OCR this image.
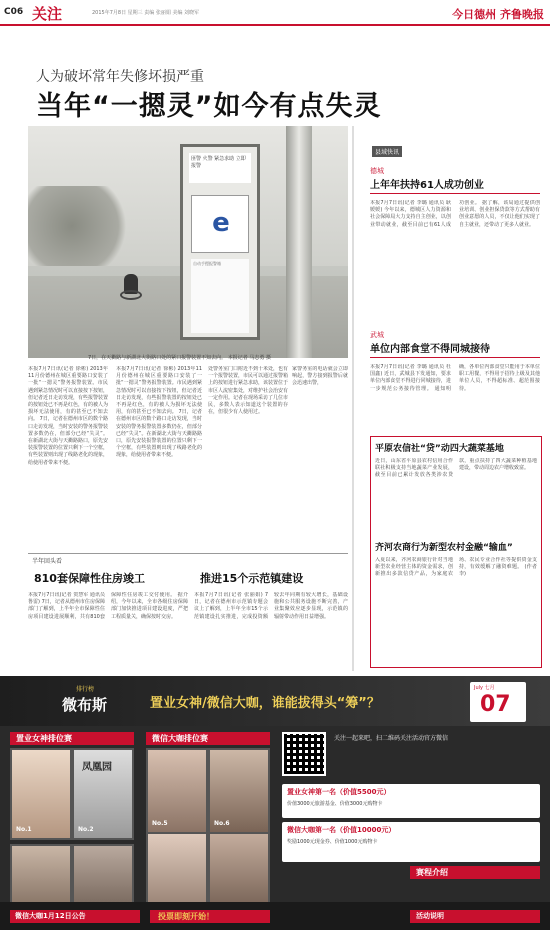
C06 关注	2015年7月8日 星期三 责编 张丽娟 美编 刘晓军	今日德州 齐鲁晚报
人为破坏常年失修坏损严重
当年“一摁灵”如今有点失灵
匪警 火警 紧急求助 立即报警
e
自动手摁报警箱
7日，在天衢路与新湖北大街路口处的紧口报警装置不知去向。 本报记者 马志勇 摄
本报7月7日讯(记者 徐彬) 2013年11月份德州在城区重要路口安装了一批“一摁灵”警务报警装置。市民遇到紧急情况时可以直接按下按钮，但记者近日走访发现，有些报警装置的按钮处已不再是红色，有的被人为损坏无法使用，有的甚至已不知去向。 7日，记者在德州市区的数个路口走访发现，当时安装的警务报警装置多数仍在，但部分已经“失灵”。在新湖北大街与天衢路路口，原先安装报警装置的位置只剩下一个空框，有些装置则出现了线路老化的现象，给使用者带来不便。
本报7月7日讯(记者 徐彬) 2013年11月份德州在城区重要路口安装了一批“一摁灵”警务报警装置。市民遇到紧急情况时可以直接按下按钮，但记者近日走访发现，有些报警装置的按钮处已不再是红色，有的被人为损坏无法使用，有的甚至已不知去向。 7日，记者在德州市区的数个路口走访发现，当时安装的警务报警装置多数仍在，但部分已经“失灵”。在新湖北大街与天衢路路口，原先安装报警装置的位置只剩下一个空框，有些装置则出现了线路老化的现象，给使用者带来不便。
处警务室门口附近不到十米处，也有一个报警装置，市民可以通过报警箱上的按钮进行紧急求助，该装置位于市区人流密集处，对维护社会治安有一定作用。记者在现场采访了几位市民，多数人表示知道这个装置的存在，但很少有人使用过。
家警务室的电话就会立即响起，警方接到报警后就会迅速出警，
县域快讯
德城
上年年扶持61人成功创业
本报7月7日讯(记者 李璐 通讯员 耿媛媛) 今年以来，德城区人力资源和社会保障局大力支持自主创业，以创业带动就业，截至目前已有61人成功创业。 据了解，该局通过提供创业培训、创业担保贷款等方式帮助有创业意愿的人员，不仅让他们实现了自主就业，还带动了更多人就业。
武城
单位内部食堂不得同城接待
本报7月7日讯(记者 李璐 通讯员 杜国鑫) 近日，武城县下发通知，要求单位内部食堂不得进行同城接待，进一步规范公务接待管理。 通知明确，各单位内部食堂只能用于本单位职工用餐，不得用于招待上级及其他单位人员，不得超标准、超范围接待。
平原农信社“贷”动四大蔬菜基地
近日，山东省平原县农村信用合作联社积极支持当地蔬菜产业发展，截至目前已累计发放各类涉农贷款，重点扶持了四大蔬菜种植基地建设，带动周边农户增收致富。
齐河农商行为新型农村金融“输血”
入夏以来，齐河农商银行针对当地新型农业经营主体的资金需求，创新推出多款信贷产品，为家庭农场、农民专业合作社等提供资金支持，有效缓解了融资难题。 (作者 李)
半年回头看
810套保障性住房竣工
本报7月7日讯(记者 贺慧军 通讯员 鲁雷) 7日，记者从德州市住房保障部门了解到，上半年全市保障性住房项目建设进展顺利，共有810套保障性住房竣工交付使用。 据介绍，今年以来，全市各级住房保障部门加快推进项目建设进度，严把工程质量关，确保按时交房。
推进15个示范镇建设
本报7月7日讯(记者 张丽娟) 7日，记者在德州市示范镇专题会议上了解到，上半年全市15个示范镇建设扎实推进，完成投资额较去年同期有较大增长，基础设施和公共服务设施不断完善，产业集聚效应逐步显现，示范镇的辐射带动作用日益增强。
排行榜
微布斯	置业女神/微信大咖，谁能拔得头“筹”？
July 七月
07
置业女神排位赛	微信大咖排位赛
赛程介绍
No.1
凤凰园
No.2
No.5	No.6
关注一起来吧，扫二维码关注活动官方微信
置业女神第一名（价值5500元）
价值3000元旅游基金、价值3000元购物卡
微信大咖第一名（价值10000元）
奖励1000元现金券、价值1000元购物卡
微信大咖1月12日公告	投票即刻开始！	活动说明
